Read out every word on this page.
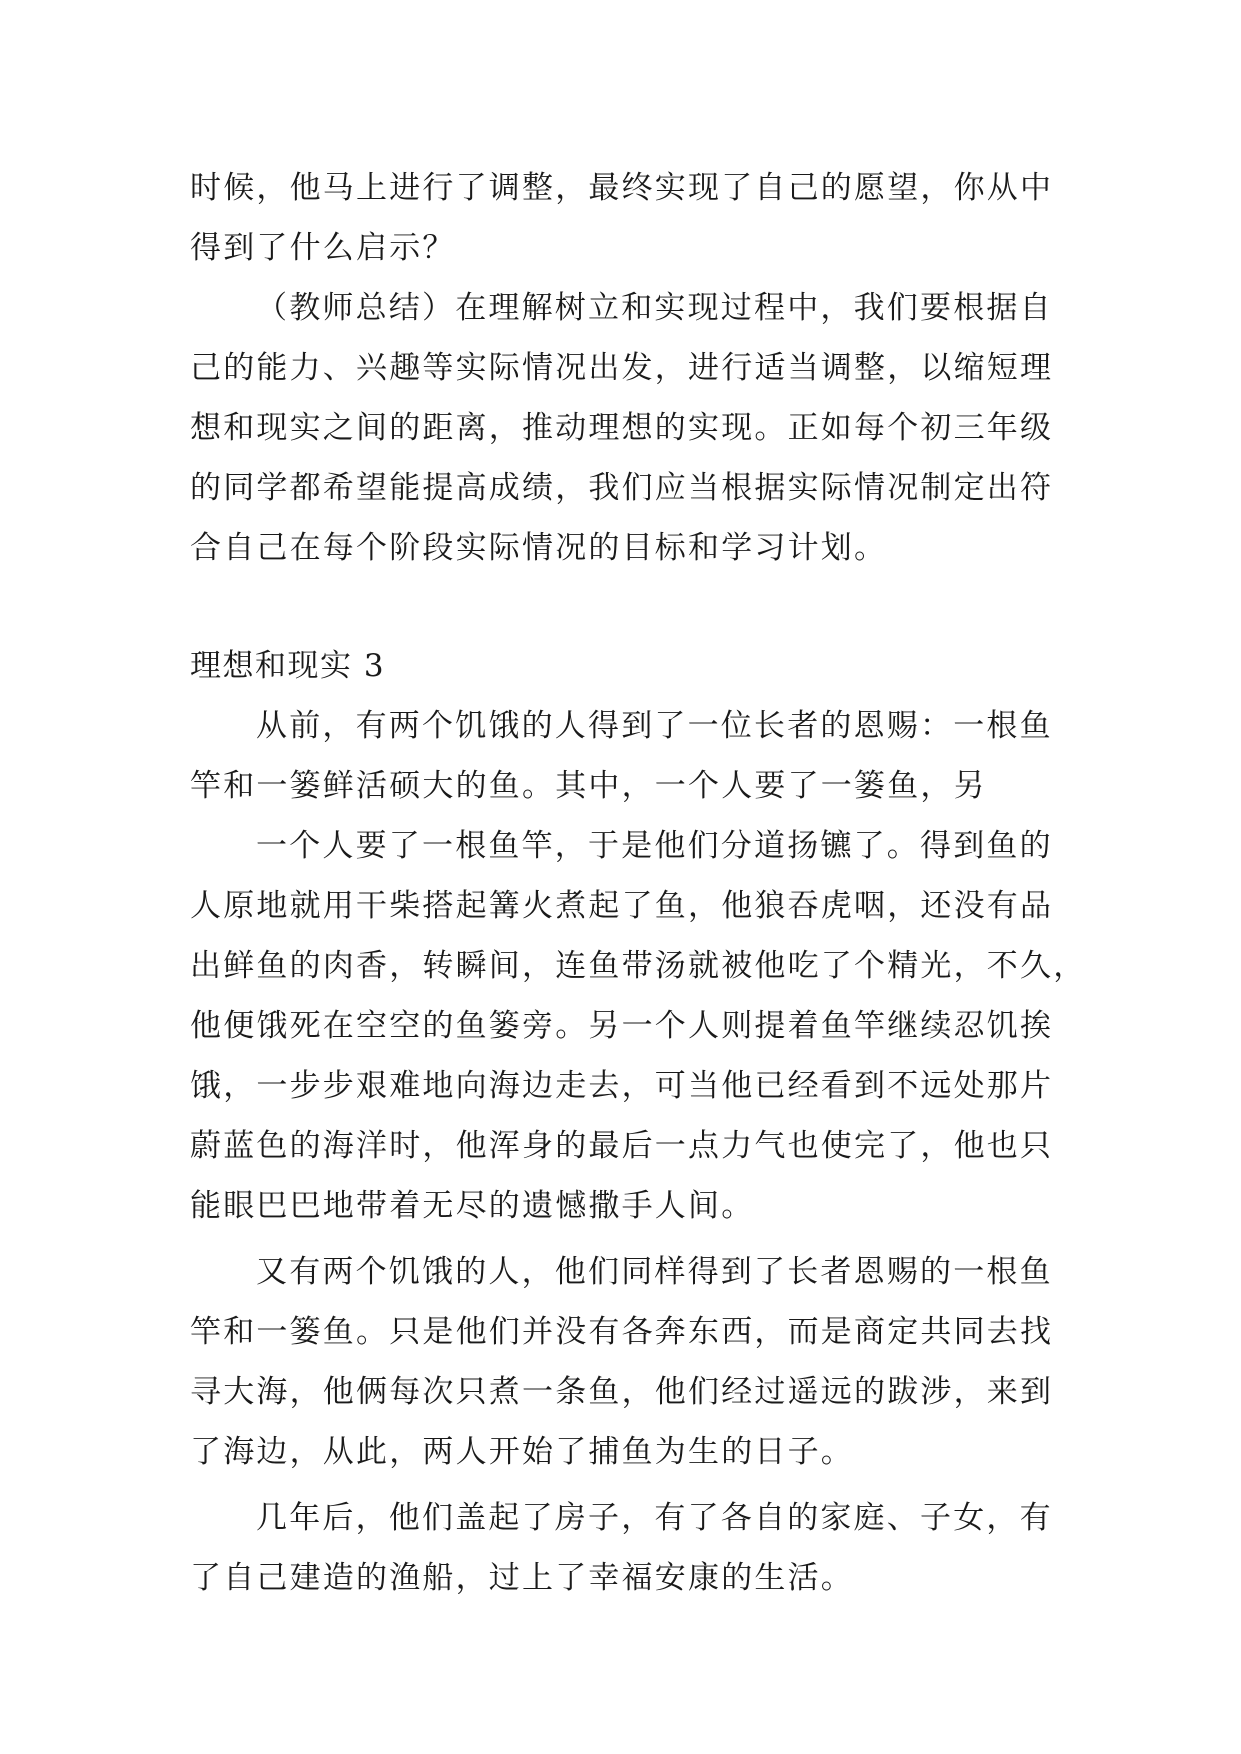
时候，他马上进行了调整，最终实现了自己的愿望，你从中
得到了什么启示？
（教师总结）在理解树立和实现过程中，我们要根据自
己的能力、兴趣等实际情况出发，进行适当调整，以缩短理
想和现实之间的距离，推动理想的实现。正如每个初三年级
的同学都希望能提高成绩，我们应当根据实际情况制定出符
合自己在每个阶段实际情况的目标和学习计划。
理想和现实 3
从前，有两个饥饿的人得到了一位长者的恩赐：一根鱼
竿和一篓鲜活硕大的鱼。其中，一个人要了一篓鱼，另
一个人要了一根鱼竿，于是他们分道扬镳了。得到鱼的
人原地就用干柴搭起篝火煮起了鱼，他狼吞虎咽，还没有品
出鲜鱼的肉香，转瞬间，连鱼带汤就被他吃了个精光，不久，
他便饿死在空空的鱼篓旁。另一个人则提着鱼竿继续忍饥挨
饿，一步步艰难地向海边走去，可当他已经看到不远处那片
蔚蓝色的海洋时，他浑身的最后一点力气也使完了，他也只
能眼巴巴地带着无尽的遗憾撒手人间。
又有两个饥饿的人，他们同样得到了长者恩赐的一根鱼
竿和一篓鱼。只是他们并没有各奔东西，而是商定共同去找
寻大海，他俩每次只煮一条鱼，他们经过遥远的跋涉，来到
了海边，从此，两人开始了捕鱼为生的日子。
几年后，他们盖起了房子，有了各自的家庭、子女，有
了自己建造的渔船，过上了幸福安康的生活。
